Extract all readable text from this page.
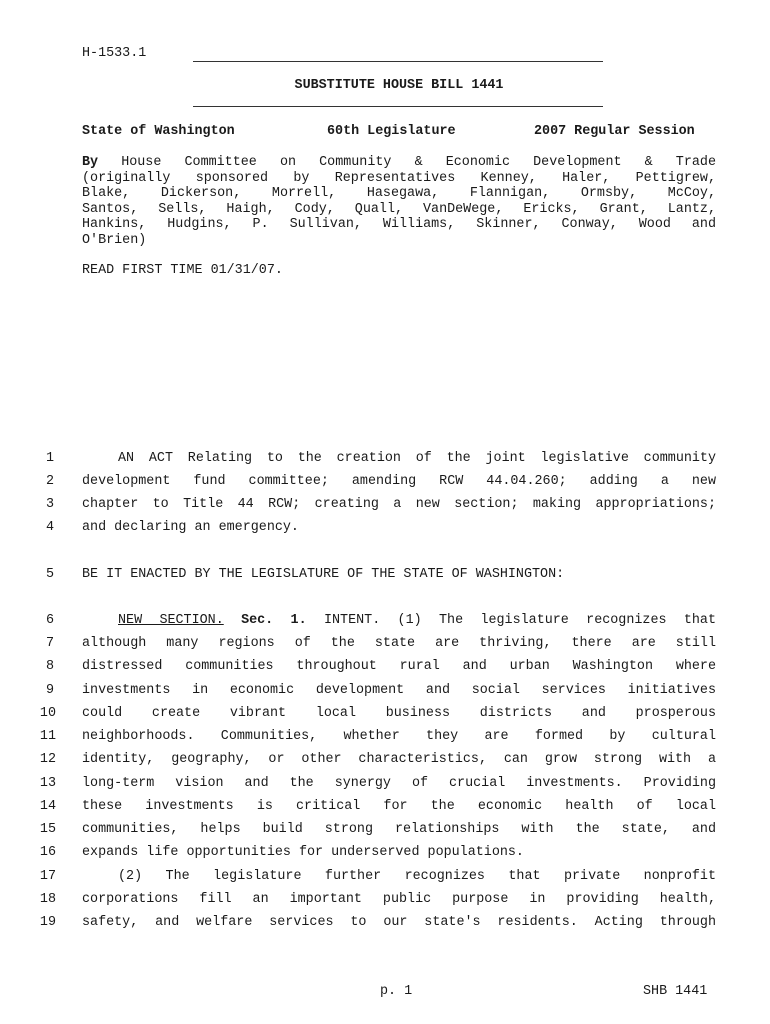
H-1533.1
SUBSTITUTE HOUSE BILL 1441
State of Washington	60th Legislature	2007 Regular Session
By House Committee on Community & Economic Development & Trade
(originally sponsored by Representatives Kenney, Haler, Pettigrew,
Blake, Dickerson, Morrell, Hasegawa, Flannigan, Ormsby, McCoy,
Santos, Sells, Haigh, Cody, Quall, VanDeWege, Ericks, Grant, Lantz,
Hankins, Hudgins, P. Sullivan, Williams, Skinner, Conway, Wood and
O'Brien)
READ FIRST TIME 01/31/07.
1	AN ACT Relating to the creation of the joint legislative community
2 development fund committee; amending RCW 44.04.260; adding a new
3 chapter to Title 44 RCW; creating a new section; making appropriations;
4 and declaring an emergency.
5 BE IT ENACTED BY THE LEGISLATURE OF THE STATE OF WASHINGTON:
6	NEW SECTION. Sec. 1. INTENT. (1) The legislature recognizes that
7 although many regions of the state are thriving, there are still
8 distressed communities throughout rural and urban Washington where
9 investments in economic development and social services initiatives
10 could create vibrant local business districts and prosperous
11 neighborhoods. Communities, whether they are formed by cultural
12 identity, geography, or other characteristics, can grow strong with a
13 long-term vision and the synergy of crucial investments. Providing
14 these investments is critical for the economic health of local
15 communities, helps build strong relationships with the state, and
16 expands life opportunities for underserved populations.
17	(2) The legislature further recognizes that private nonprofit
18 corporations fill an important public purpose in providing health,
19 safety, and welfare services to our state's residents. Acting through
p. 1	SHB 1441
